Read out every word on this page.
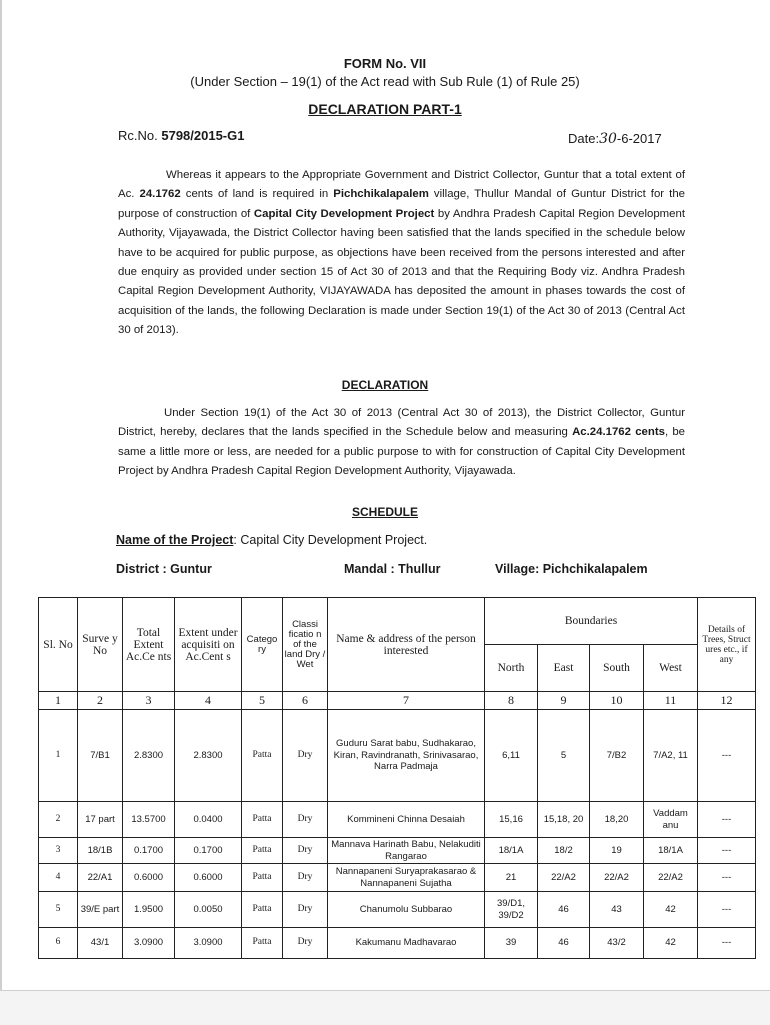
FORM No. VII
(Under Section – 19(1) of the Act read with Sub Rule (1) of Rule 25)
DECLARATION PART-1
Rc.No. 5798/2015-G1	Date:30-6-2017
Whereas it appears to the Appropriate Government and District Collector, Guntur that a total extent of Ac. 24.1762 cents of land is required in Pichchikalapalem village, Thullur Mandal of Guntur District for the purpose of construction of Capital City Development Project by Andhra Pradesh Capital Region Development Authority, Vijayawada, the District Collector having been satisfied that the lands specified in the schedule below have to be acquired for public purpose, as objections have been received from the persons interested and after due enquiry as provided under section 15 of Act 30 of 2013 and that the Requiring Body viz. Andhra Pradesh Capital Region Development Authority, VIJAYAWADA has deposited the amount in phases towards the cost of acquisition of the lands, the following Declaration is made under Section 19(1) of the Act 30 of 2013 (Central Act 30 of 2013).
DECLARATION
Under Section 19(1) of the Act 30 of 2013 (Central Act 30 of 2013), the District Collector, Guntur District, hereby, declares that the lands specified in the Schedule below and measuring Ac.24.1762 cents, be same a little more or less, are needed for a public purpose to with for construction of Capital City Development Project by Andhra Pradesh Capital Region Development Authority, Vijayawada.
SCHEDULE
Name of the Project: Capital City Development Project.
District : Guntur	Mandal : Thullur	Village: Pichchikalapalem
Sl. No	Surve y No	Total Extent Ac.Ce nts	Extent under acquisiti on Ac.Cent s	Catego ry	Classi ficatio n of the land Dry / Wet	Name & address of the person interested	Boundaries				Details of Trees, Struct ures etc., if any
							North	East	South	West	
1	2	3	4	5	6	7	8	9	10	11	12
1	7/B1	2.8300	2.8300	Patta	Dry	Guduru Sarat babu, Sudhakarao, Kiran, Ravindranath, Srinivasarao, Narra Padmaja	6,11	5	7/B2	7/A2, 11	---
2	17 part	13.5700	0.0400	Patta	Dry	Kommineni Chinna Desaiah	15,16	15,18, 20	18,20	Vaddam anu	---
3	18/1B	0.1700	0.1700	Patta	Dry	Mannava Harinath Babu, Nelakuditi Rangarao	18/1A	18/2	19	18/1A	---
4	22/A1	0.6000	0.6000	Patta	Dry	Nannapaneni Suryaprakasarao & Nannapaneni Sujatha	21	22/A2	22/A2	22/A2	---
5	39/E part	1.9500	0.0050	Patta	Dry	Chanumolu Subbarao	39/D1, 39/D2	46	43	42	---
6	43/1	3.0900	3.0900	Patta	Dry	Kakumanu Madhavarao	39	46	43/2	42	---
